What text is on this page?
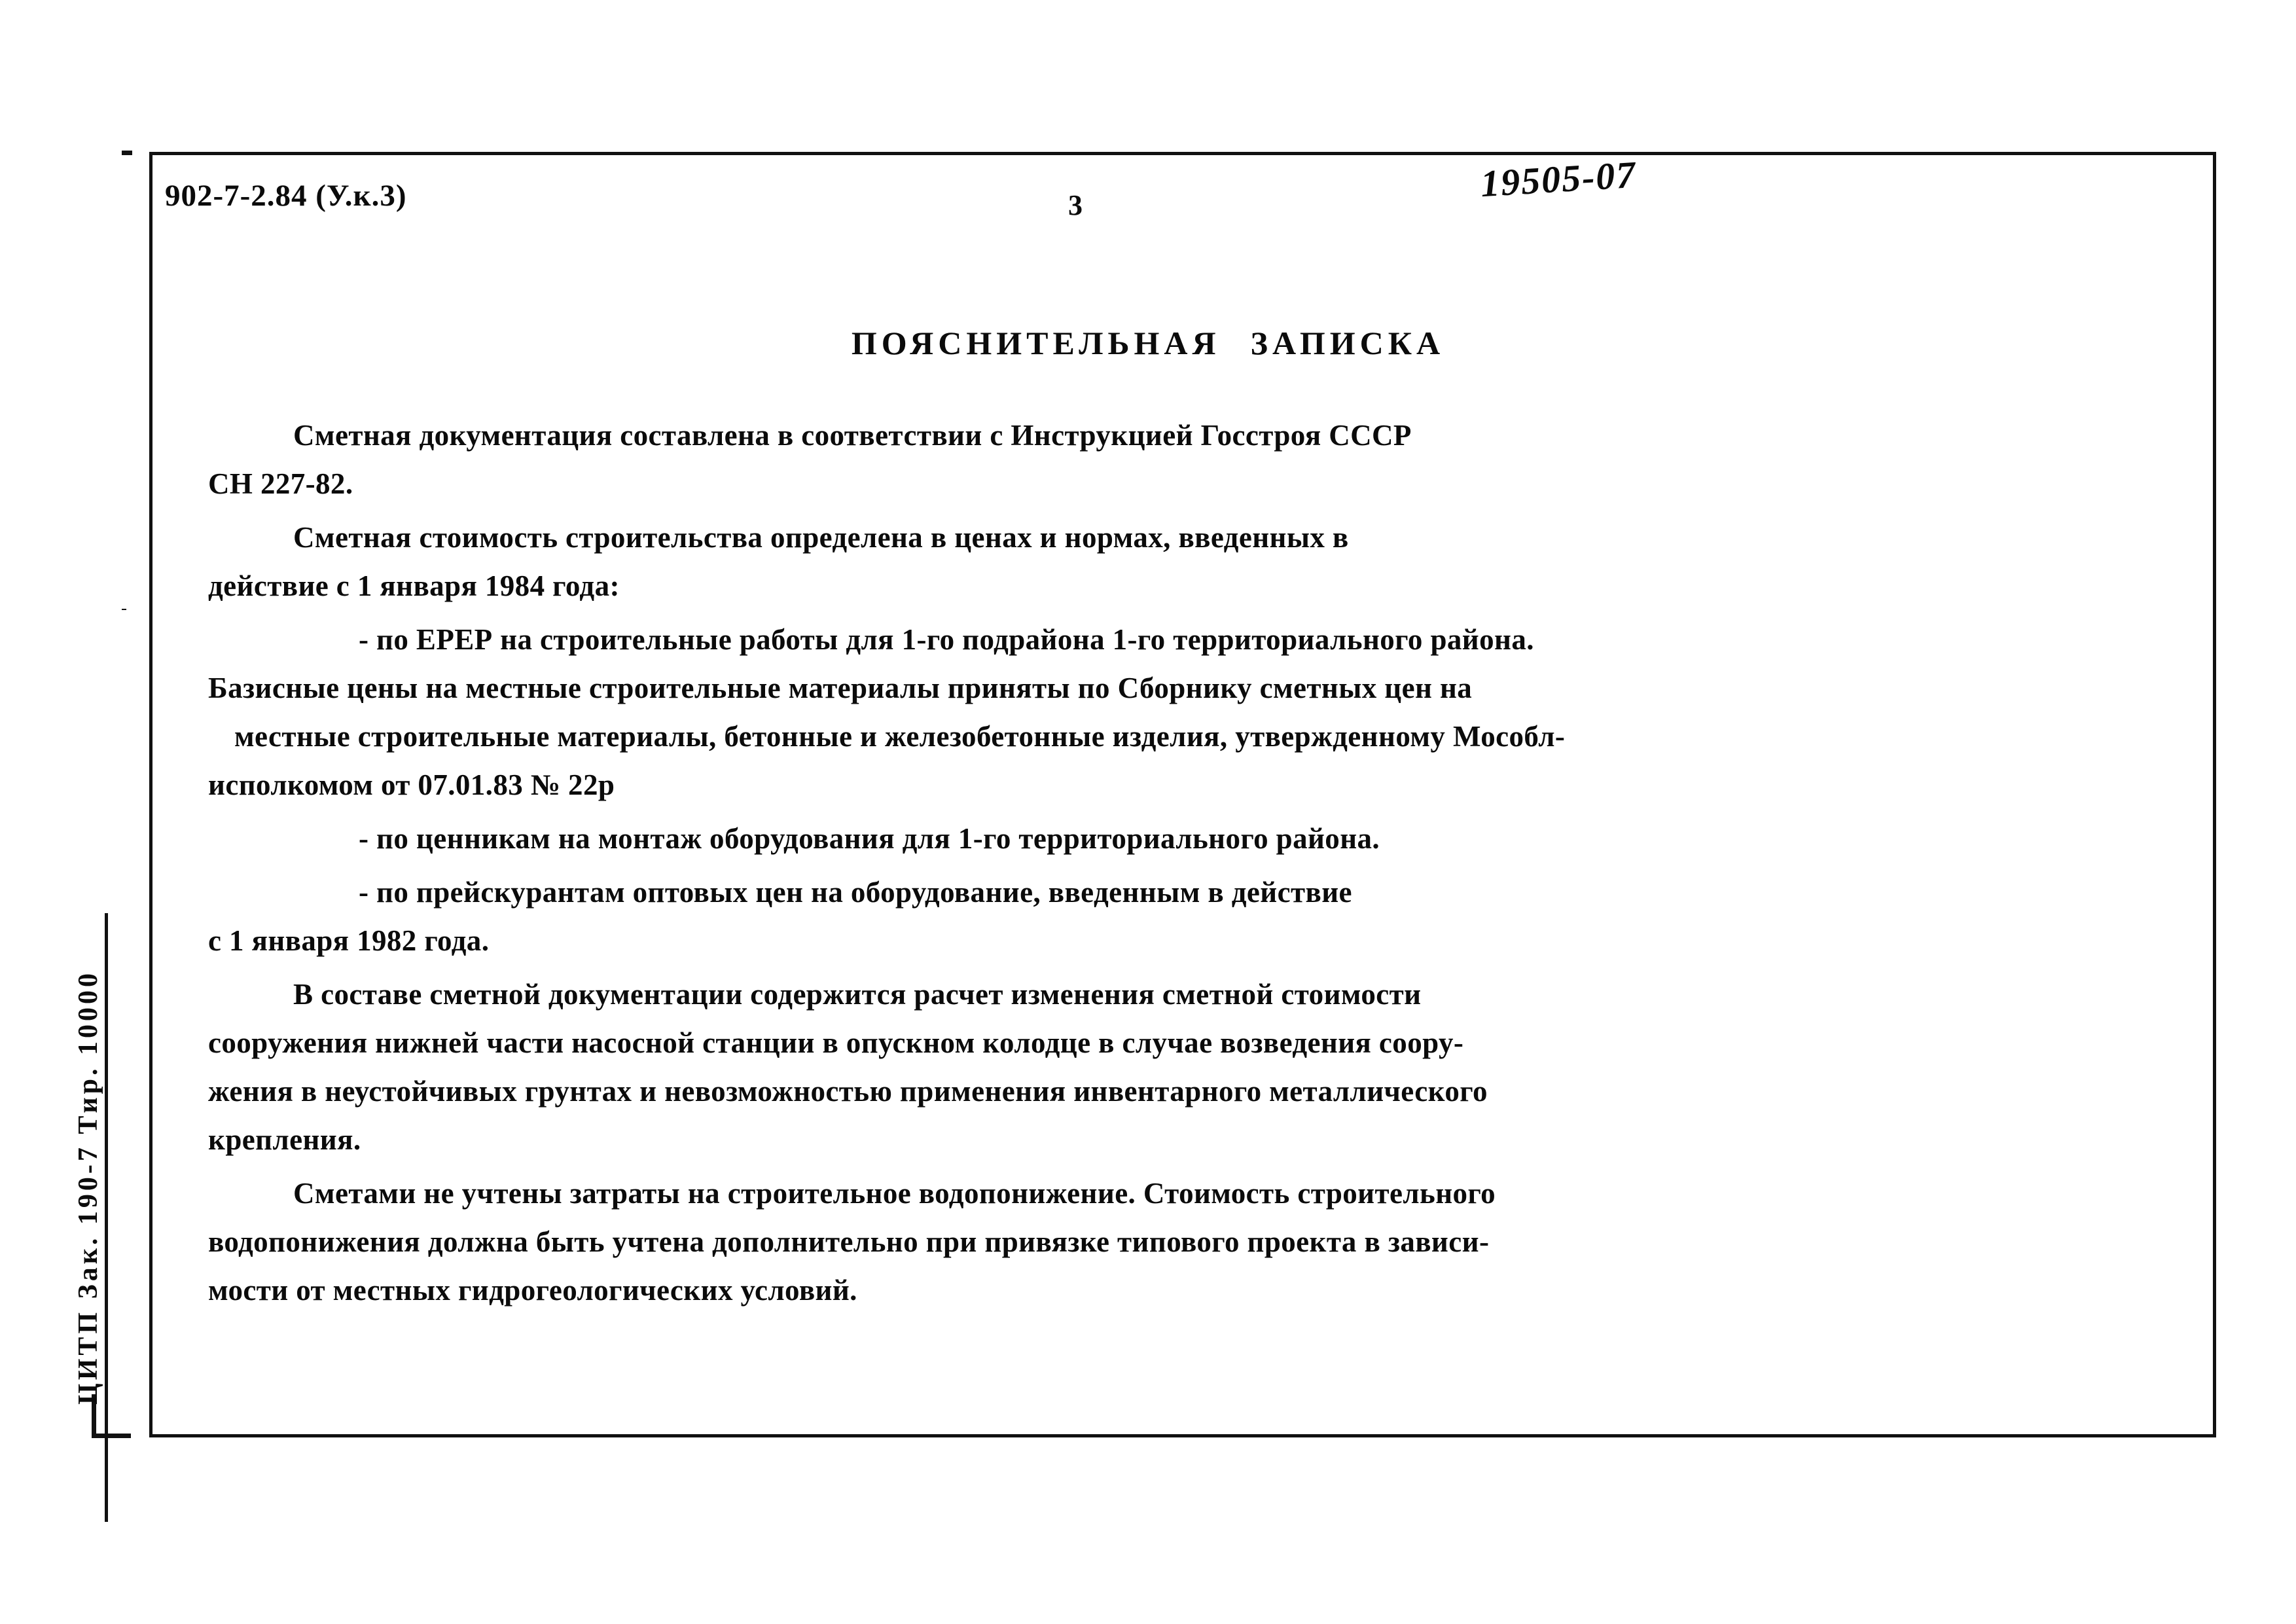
ЦИТП Зак. 190-7 Тир. 10000
902-7-2.84 (У.к.3)	3
19505-07
ПОЯСНИТЕЛЬНАЯ ЗАПИСКА

Сметная документация составлена в соответствии с Инструкцией Госстроя СССР
СН 227-82.

Сметная стоимость строительства определена в ценах и нормах, введенных в
действие с 1 января 1984 года:

- по ЕРЕР на строительные работы для 1-го подрайона 1-го территориального района.
Базисные цены на местные строительные материалы приняты по Сборнику сметных цен на
местные строительные материалы, бетонные и железобетонные изделия, утвержденному Мособл-
исполкомом от 07.01.83 № 22р

- по ценникам на монтаж оборудования для 1-го территориального района.

- по прейскурантам оптовых цен на оборудование, введенным в действие
с 1 января 1982 года.

В составе сметной документации содержится расчет изменения сметной стоимости
сооружения нижней части насосной станции в опускном колодце в случае возведения соору-
жения в неустойчивых грунтах и невозможностью применения инвентарного металлического
крепления.

Сметами не учтены затраты на строительное водопонижение. Стоимость строительного
водопонижения должна быть учтена дополнительно при привязке типового проекта в зависи-
мости от местных гидрогеологических условий.
